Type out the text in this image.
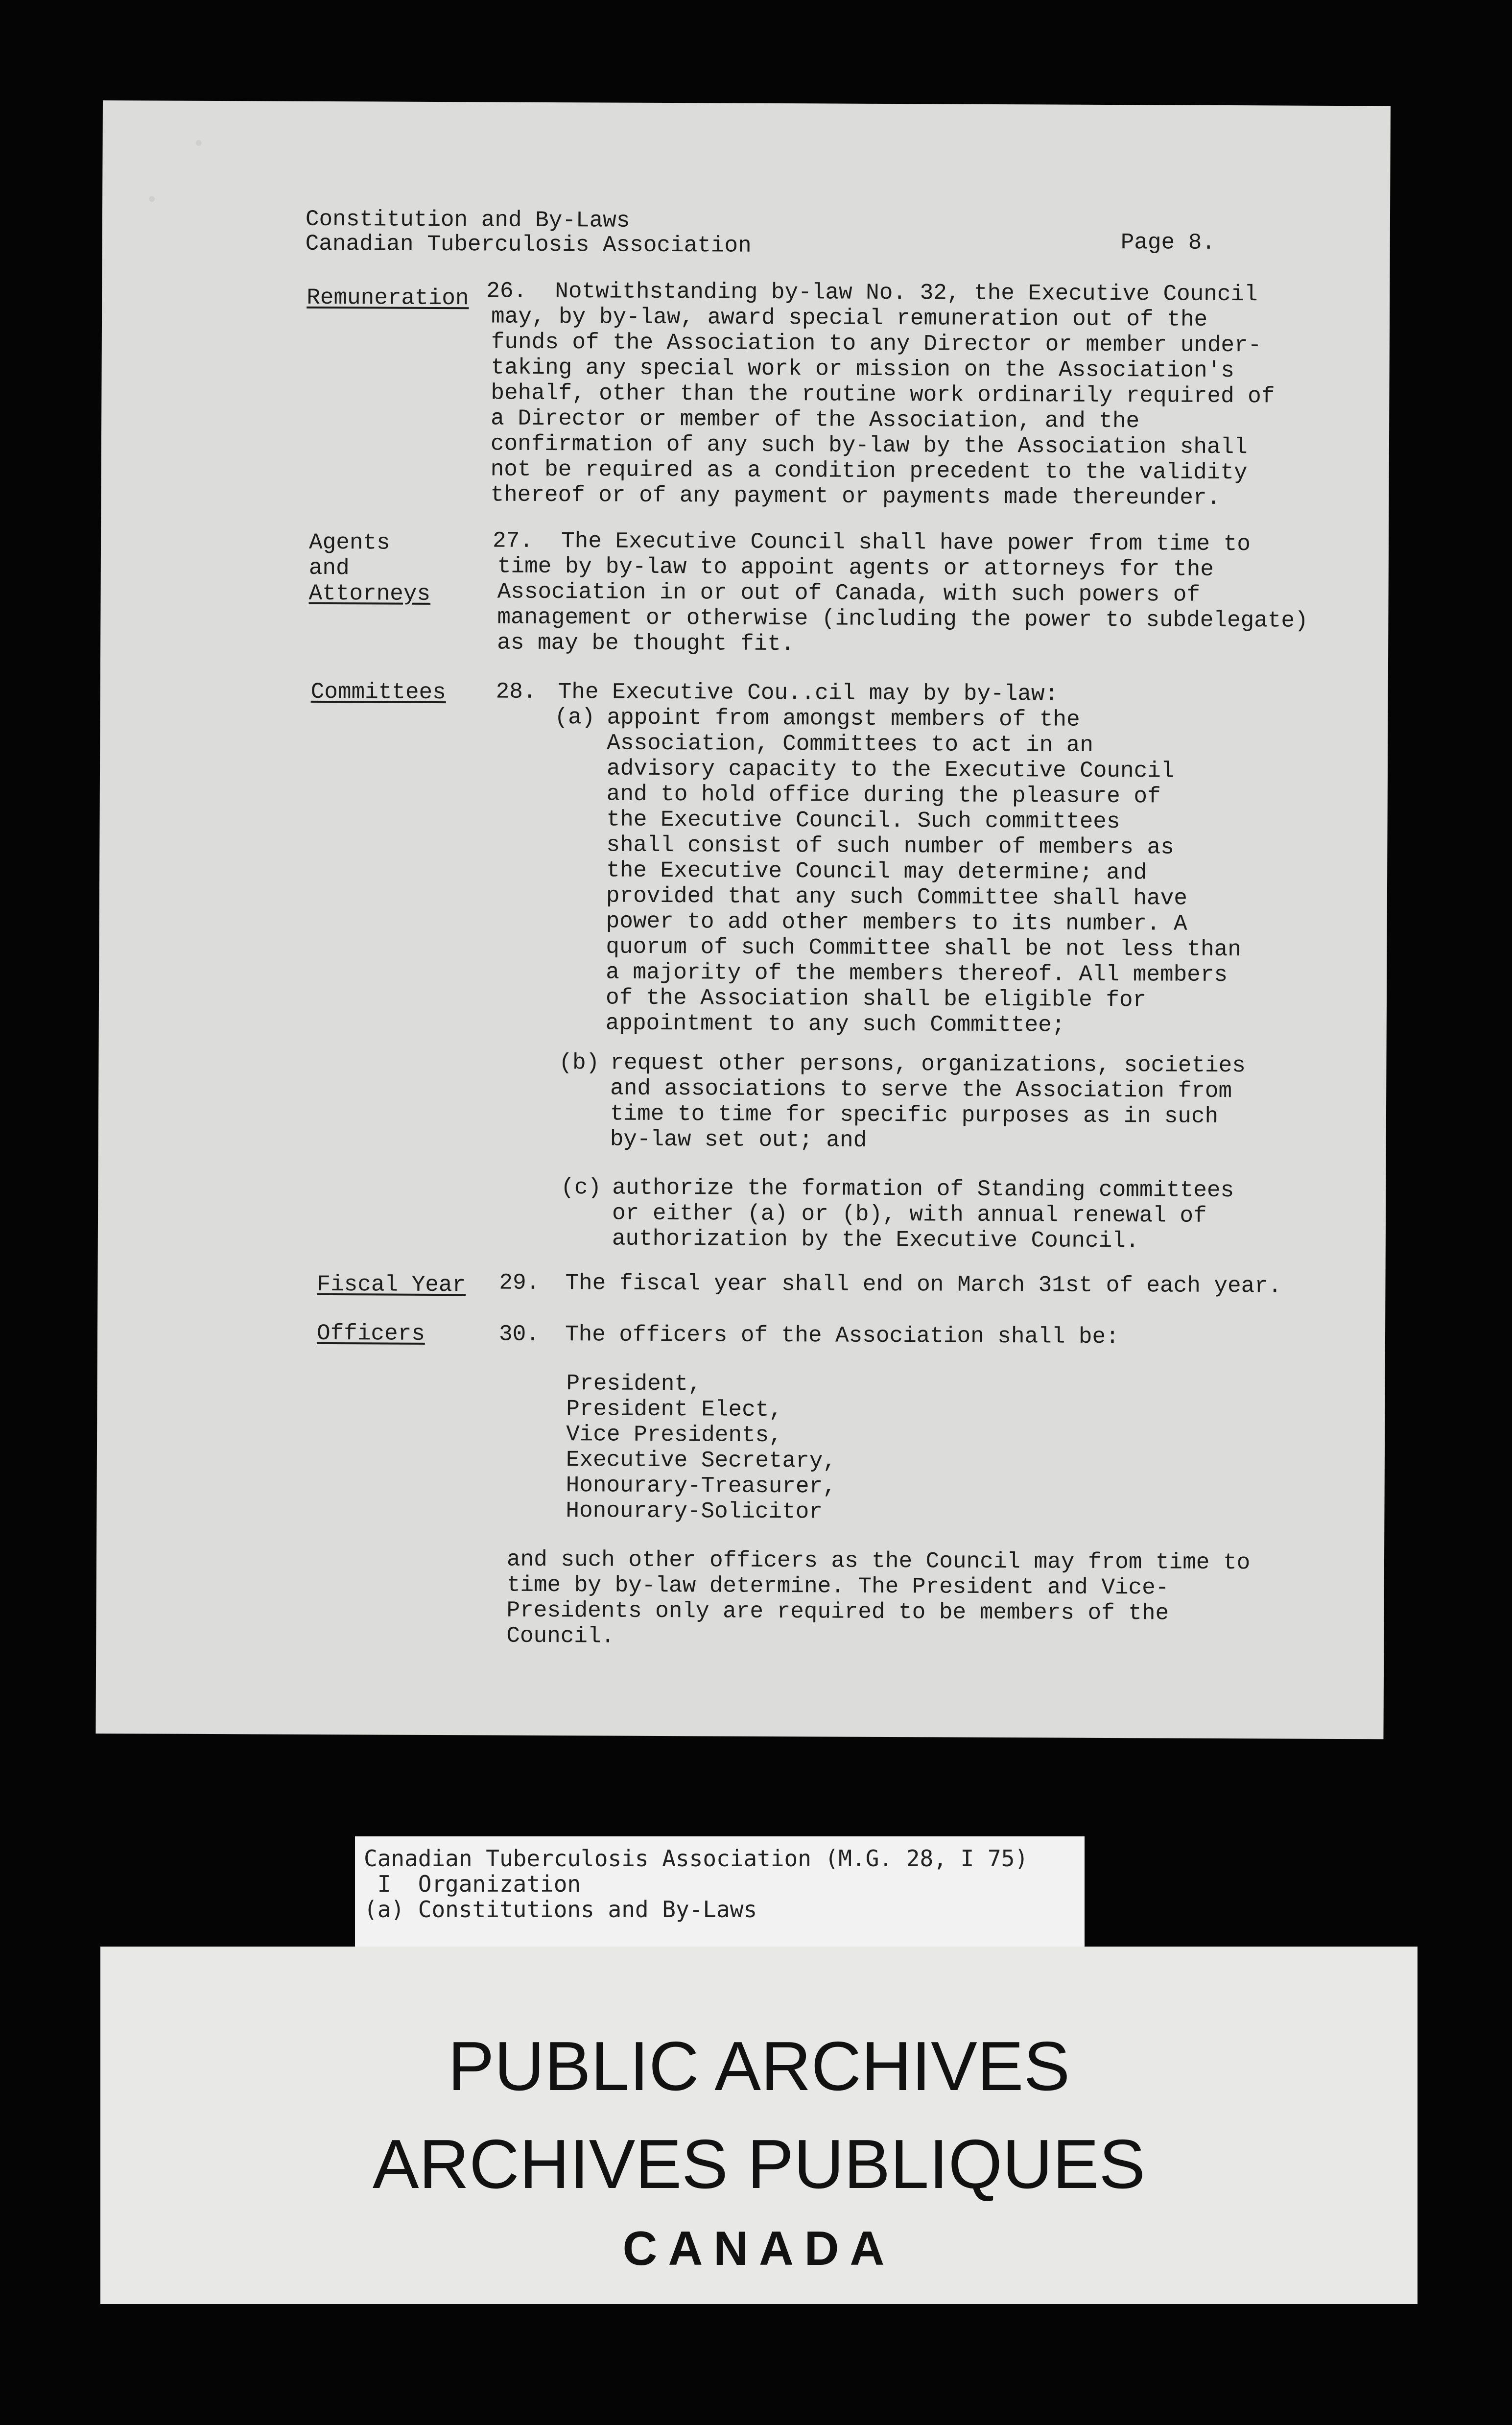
Constitution and By-Laws
Canadian Tuberculosis Association	Page 8.
Remuneration 26. Notwithstanding by-law No. 32, the Executive Council
may, by by-law, award special remuneration out of the
funds of the Association to any Director or member under-
taking any special work or mission on the Association's
behalf, other than the routine work ordinarily required of
a Director or member of the Association, and the
confirmation of any such by-law by the Association shall
not be required as a condition precedent to the validity
thereof or of any payment or payments made thereunder.
Agents
and
Attorneys
27. The Executive Council shall have power from time to
time by by-law to appoint agents or attorneys for the
Association in or out of Canada, with such powers of
management or otherwise (including the power to subdelegate)
as may be thought fit.
Committees 28. The Executive Cou..cil may by by-law:
(a) appoint from amongst members of the
Association, Committees to act in an
advisory capacity to the Executive Council
and to hold office during the pleasure of
the Executive Council. Such committees
shall consist of such number of members as
the Executive Council may determine; and
provided that any such Committee shall have
power to add other members to its number. A
quorum of such Committee shall be not less than
a majority of the members thereof. All members
of the Association shall be eligible for
appointment to any such Committee;
(b) request other persons, organizations, societies
and associations to serve the Association from
time to time for specific purposes as in such
by-law set out; and
(c) authorize the formation of Standing committees
or either (a) or (b), with annual renewal of
authorization by the Executive Council.
Fiscal Year 29. The fiscal year shall end on March 31st of each year.
Officers	30. The officers of the Association shall be:
President,
President Elect,
Vice Presidents,
Executive Secretary,
Honourary-Treasurer,
Honourary-Solicitor
and such other officers as the Council may from time to
time by by-law determine. The President and Vice-
Presidents only are required to be members of the
Council.
Canadian Tuberculosis Association (M.G. 28, I 75)
I  Organization
(a) Constitutions and By-Laws
PUBLIC ARCHIVES
ARCHIVES PUBLIQUES
CANADA
